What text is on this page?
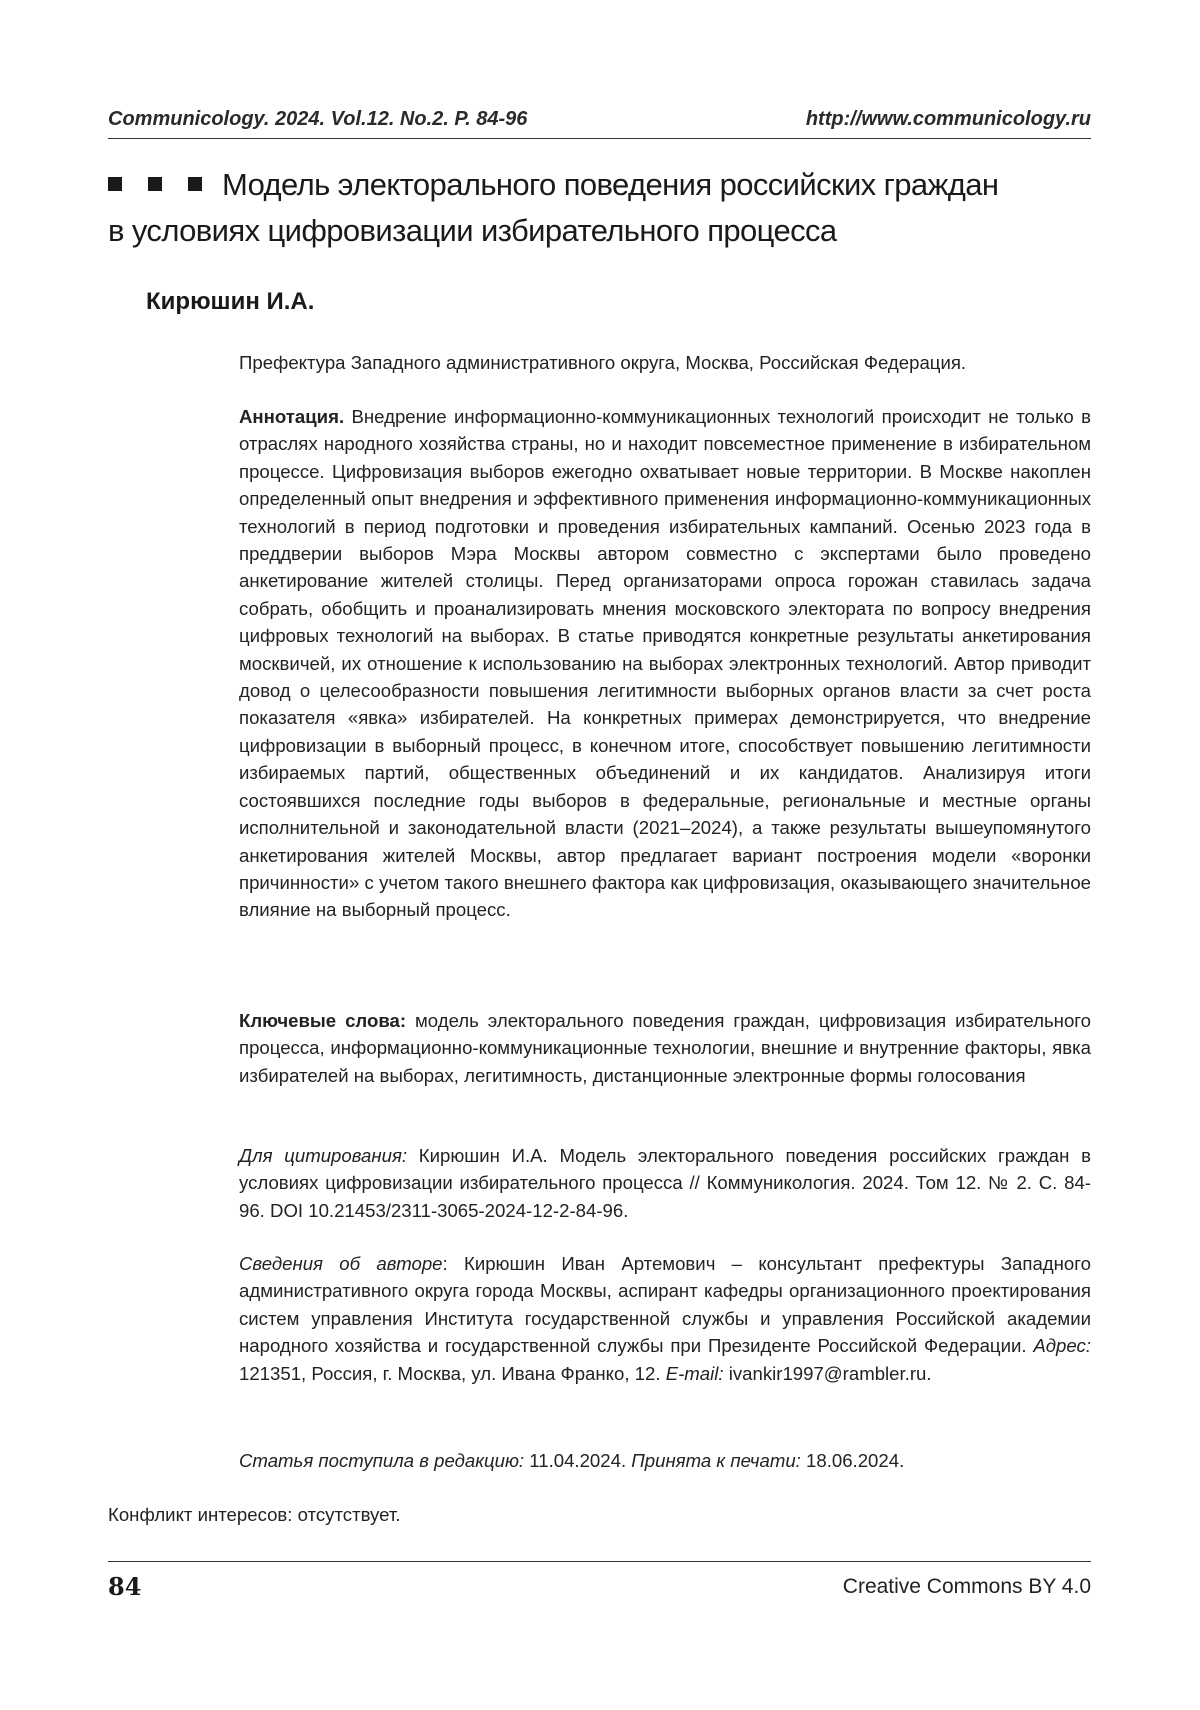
Communicology. 2024. Vol.12. No.2. P. 84-96	http://www.communicology.ru
Модель электорального поведения российских граждан
в условиях цифровизации избирательного процесса
Кирюшин И.А.
Префектура Западного административного округа, Москва, Российская Федерация.
Аннотация. Внедрение информационно-коммуникационных технологий происходит не только в отраслях народного хозяйства страны, но и находит повсеместное применение в избирательном процессе. Цифровизация выборов ежегодно охватывает новые территории. В Москве накоплен определенный опыт внедрения и эффективного применения информационно-коммуникационных технологий в период подготовки и проведения избирательных кампаний. Осенью 2023 года в преддверии выборов Мэра Москвы автором совместно с экспертами было проведено анкетирование жителей столицы. Перед организаторами опроса горожан ставилась задача собрать, обобщить и проанализировать мнения московского электората по вопросу внедрения цифровых технологий на выборах. В статье приводятся конкретные результаты анкетирования москвичей, их отношение к использованию на выборах электронных технологий. Автор приводит довод о целесообразности повышения легитимности выборных органов власти за счет роста показателя «явка» избирателей. На конкретных примерах демонстрируется, что внедрение цифровизации в выборный процесс, в конечном итоге, способствует повышению легитимности избираемых партий, общественных объединений и их кандидатов. Анализируя итоги состоявшихся последние годы выборов в федеральные, региональные и местные органы исполнительной и законодательной власти (2021–2024), а также результаты вышеупомянутого анкетирования жителей Москвы, автор предлагает вариант построения модели «воронки причинности» с учетом такого внешнего фактора как цифровизация, оказывающего значительное влияние на выборный процесс.
Ключевые слова: модель электорального поведения граждан, цифровизация избирательного процесса, информационно-коммуникационные технологии, внешние и внутренние факторы, явка избирателей на выборах, легитимность, дистанционные электронные формы голосования
Для цитирования: Кирюшин И.А. Модель электорального поведения российских граждан в условиях цифровизации избирательного процесса // Коммуникология. 2024. Том 12. № 2. С. 84-96. DOI 10.21453/2311-3065-2024-12-2-84-96.
Сведения об авторе: Кирюшин Иван Артемович – консультант префектуры Западного административного округа города Москвы, аспирант кафедры организационного проектирования систем управления Института государственной службы и управления Российской академии народного хозяйства и государственной службы при Президенте Российской Федерации. Адрес: 121351, Россия, г. Москва, ул. Ивана Франко, 12. E-mail: ivankir1997@rambler.ru.
Статья поступила в редакцию: 11.04.2024. Принята к печати: 18.06.2024.
Конфликт интересов: отсутствует.
84	Creative Commons BY 4.0
